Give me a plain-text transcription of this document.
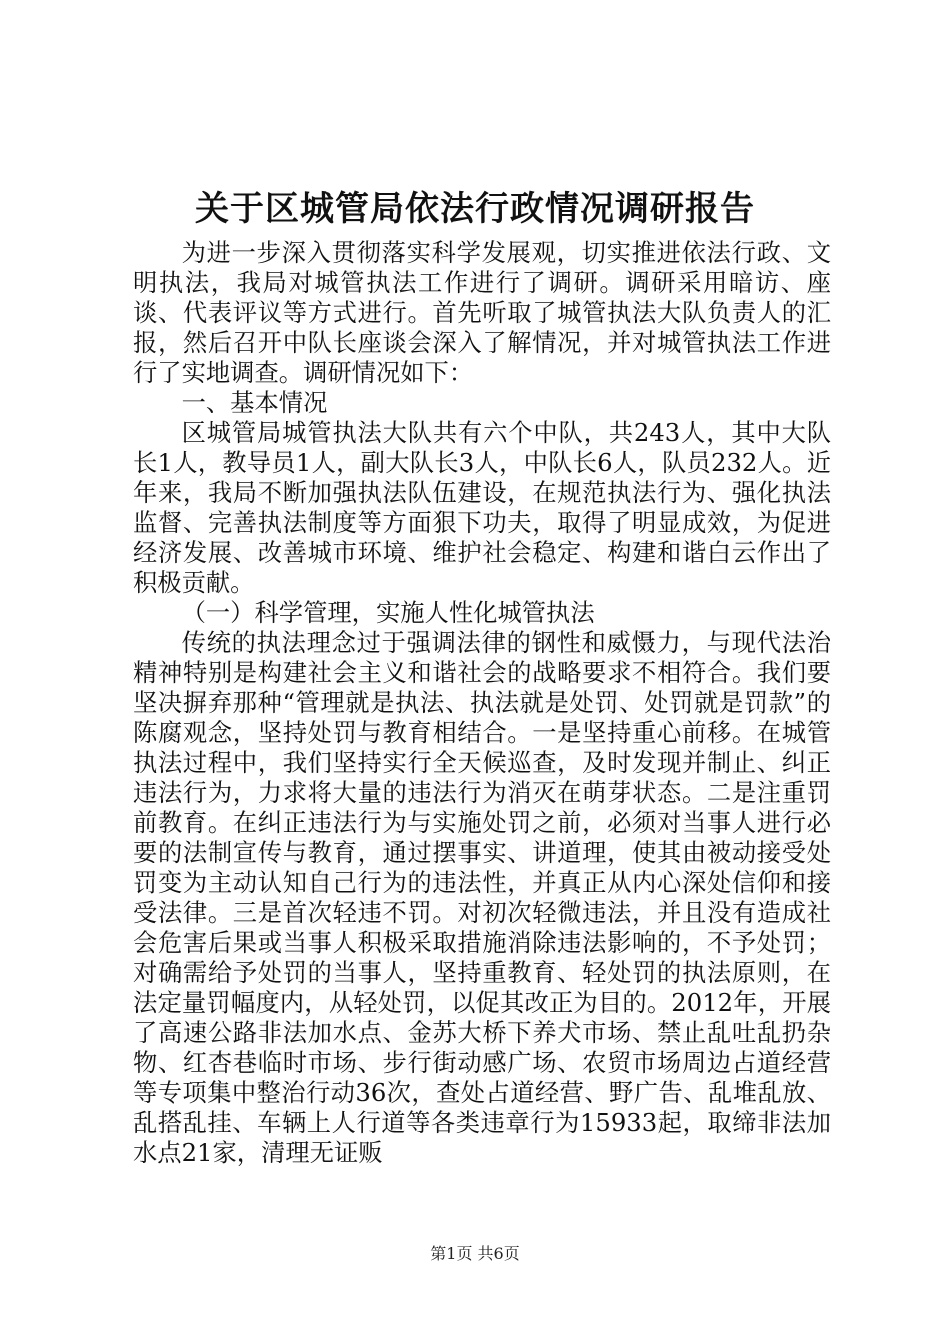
关于区城管局依法行政情况调研报告

为进一步深入贯彻落实科学发展观，切实推进依法行政、文明执法，我局对城管执法工作进行了调研。调研采用暗访、座谈、代表评议等方式进行。首先听取了城管执法大队负责人的汇报，然后召开中队长座谈会深入了解情况，并对城管执法工作进行了实地调查。调研情况如下：

一、基本情况

区城管局城管执法大队共有六个中队，共243人，其中大队长1人，教导员1人，副大队长3人，中队长6人，队员232人。近年来，我局不断加强执法队伍建设，在规范执法行为、强化执法监督、完善执法制度等方面狠下功夫，取得了明显成效，为促进经济发展、改善城市环境、维护社会稳定、构建和谐白云作出了积极贡献。

（一）科学管理，实施人性化城管执法

传统的执法理念过于强调法律的钢性和威慑力，与现代法治精神特别是构建社会主义和谐社会的战略要求不相符合。我们要坚决摒弃那种“管理就是执法、执法就是处罚、处罚就是罚款”的陈腐观念，坚持处罚与教育相结合。一是坚持重心前移。在城管执法过程中，我们坚持实行全天候巡查，及时发现并制止、纠正违法行为，力求将大量的违法行为消灭在萌芽状态。二是注重罚前教育。在纠正违法行为与实施处罚之前，必须对当事人进行必要的法制宣传与教育，通过摆事实、讲道理，使其由被动接受处罚变为主动认知自己行为的违法性，并真正从内心深处信仰和接受法律。三是首次轻违不罚。对初次轻微违法，并且没有造成社会危害后果或当事人积极采取措施消除违法影响的，不予处罚；对确需给予处罚的当事人，坚持重教育、轻处罚的执法原则，在法定量罚幅度内，从轻处罚，以促其改正为目的。2012年，开展了高速公路非法加水点、金苏大桥下养犬市场、禁止乱吐乱扔杂物、红杏巷临时市场、步行街动感广场、农贸市场周边占道经营等专项集中整治行动36次，查处占道经营、野广告、乱堆乱放、乱搭乱挂、车辆上人行道等各类违章行为15933起，取缔非法加水点21家，清理无证贩

第1页 共6页
